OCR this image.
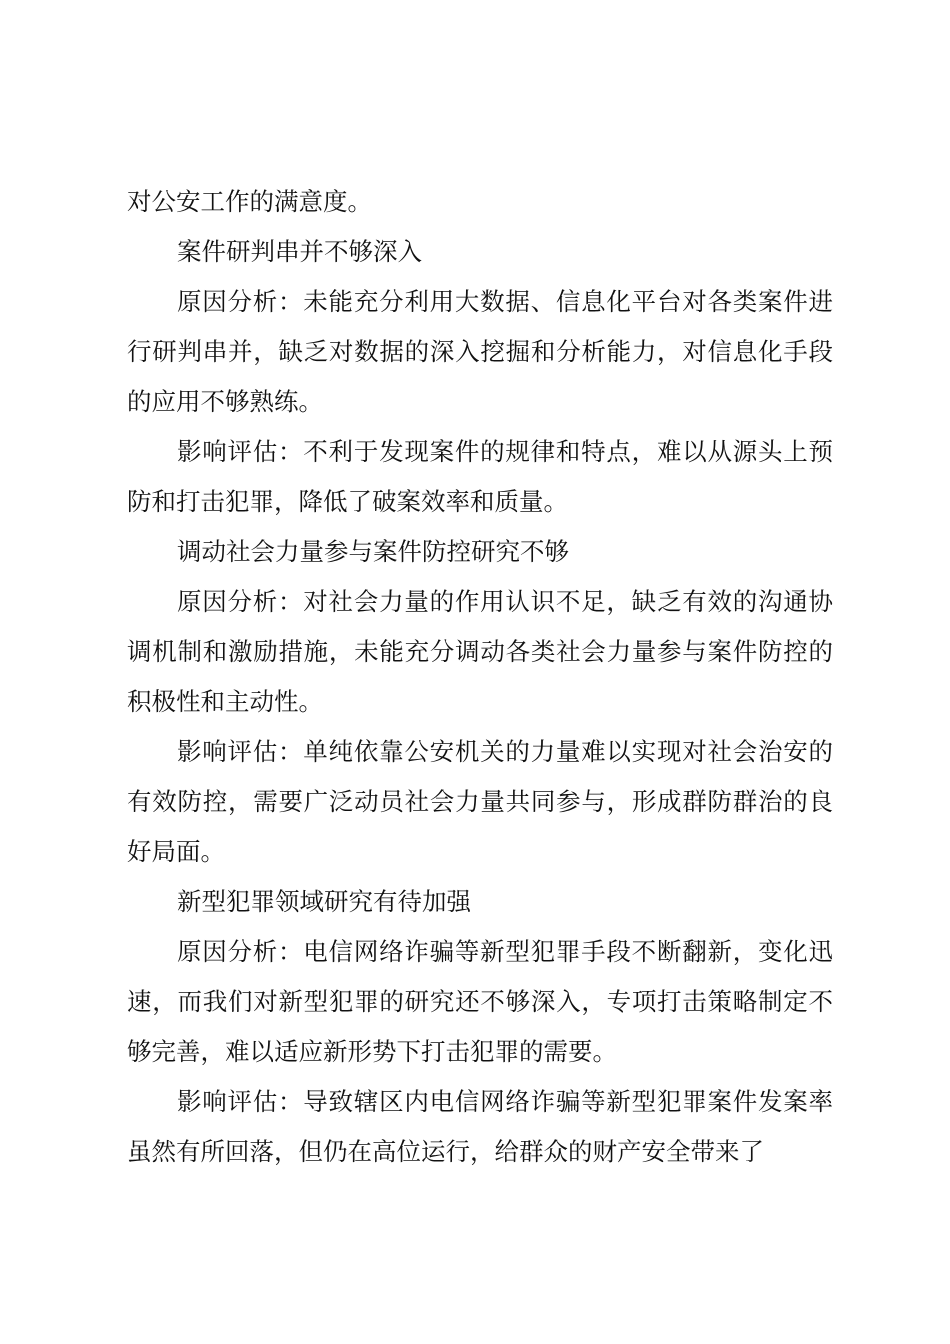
对公安工作的满意度。

案件研判串并不够深入

原因分析：未能充分利用大数据、信息化平台对各类案件进行研判串并，缺乏对数据的深入挖掘和分析能力，对信息化手段的应用不够熟练。

影响评估：不利于发现案件的规律和特点，难以从源头上预防和打击犯罪，降低了破案效率和质量。

调动社会力量参与案件防控研究不够

原因分析：对社会力量的作用认识不足，缺乏有效的沟通协调机制和激励措施，未能充分调动各类社会力量参与案件防控的积极性和主动性。

影响评估：单纯依靠公安机关的力量难以实现对社会治安的有效防控，需要广泛动员社会力量共同参与，形成群防群治的良好局面。

新型犯罪领域研究有待加强

原因分析：电信网络诈骗等新型犯罪手段不断翻新，变化迅速，而我们对新型犯罪的研究还不够深入，专项打击策略制定不够完善，难以适应新形势下打击犯罪的需要。

影响评估：导致辖区内电信网络诈骗等新型犯罪案件发案率虽然有所回落，但仍在高位运行，给群众的财产安全带来了
